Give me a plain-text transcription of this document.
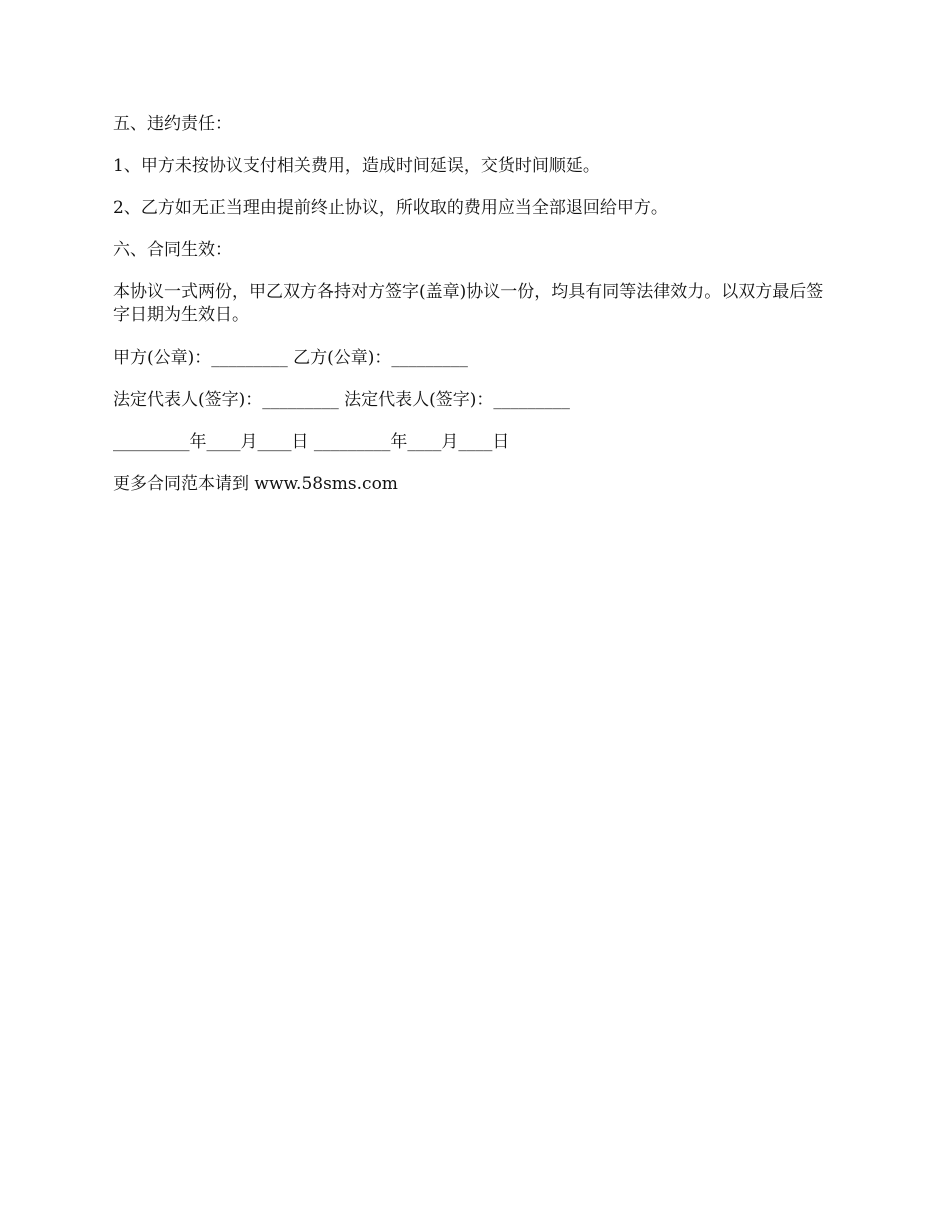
五、违约责任：

1、甲方未按协议支付相关费用，造成时间延误，交货时间顺延。

2、乙方如无正当理由提前终止协议，所收取的费用应当全部退回给甲方。

六、合同生效：

本协议一式两份，甲乙双方各持对方签字(盖章)协议一份，均具有同等法律效力。以双方最后签字日期为生效日。

甲方(公章)：_________ 乙方(公章)：_________

法定代表人(签字)：_________ 法定代表人(签字)：_________

_________年____月____日 _________年____月____日

更多合同范本请到 www.58sms.com
